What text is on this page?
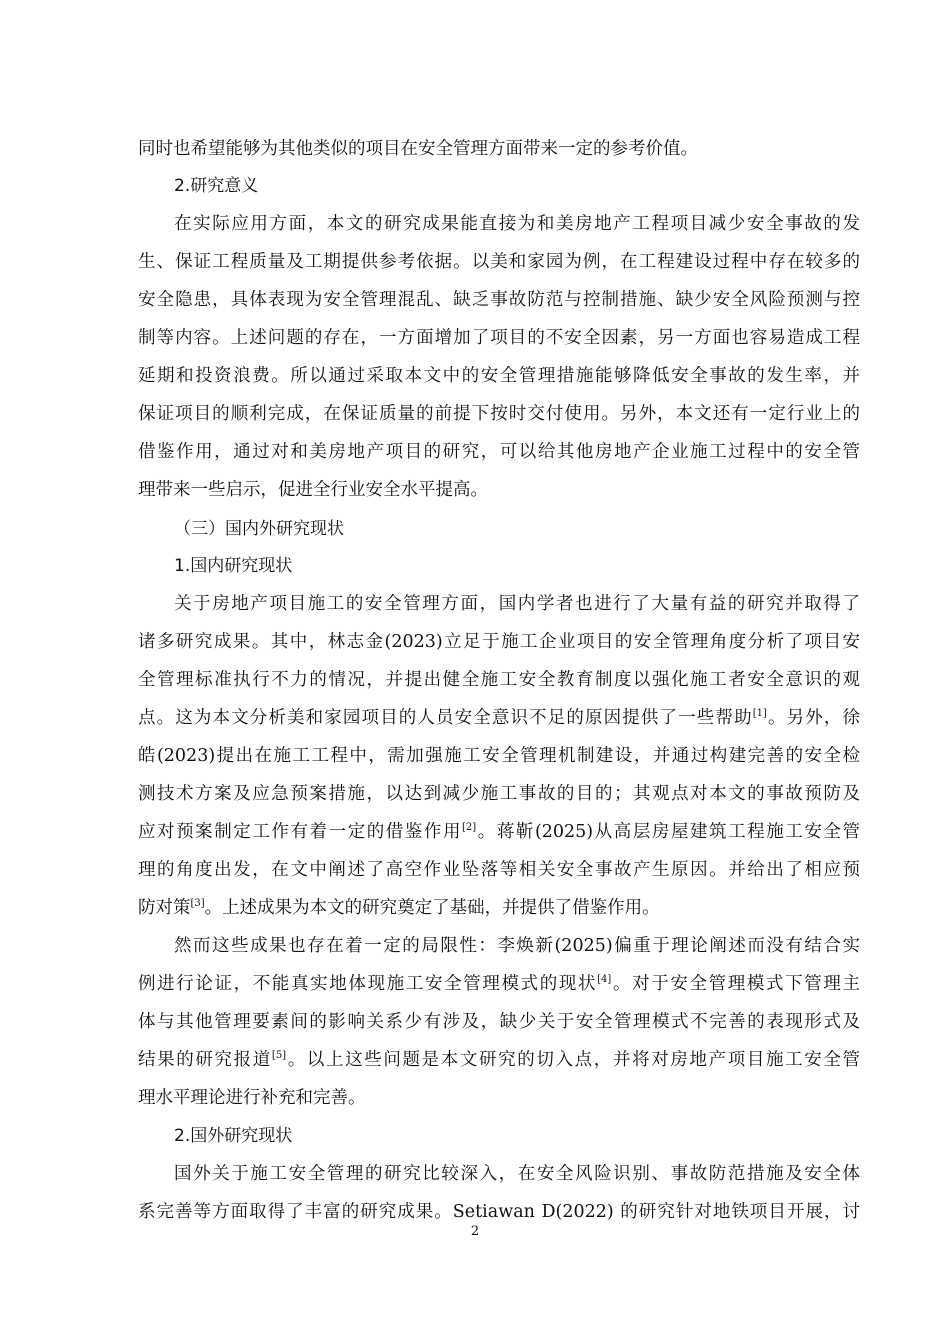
同时也希望能够为其他类似的项目在安全管理方面带来一定的参考价值。
2.研究意义
在实际应用方面，本文的研究成果能直接为和美房地产工程项目减少安全事故的发
生、保证工程质量及工期提供参考依据。以美和家园为例，在工程建设过程中存在较多的
安全隐患，具体表现为安全管理混乱、缺乏事故防范与控制措施、缺少安全风险预测与控
制等内容。上述问题的存在，一方面增加了项目的不安全因素，另一方面也容易造成工程
延期和投资浪费。所以通过采取本文中的安全管理措施能够降低安全事故的发生率，并
保证项目的顺利完成，在保证质量的前提下按时交付使用。另外，本文还有一定行业上的
借鉴作用，通过对和美房地产项目的研究，可以给其他房地产企业施工过程中的安全管
理带来一些启示，促进全行业安全水平提高。
（三）国内外研究现状
1.国内研究现状
关于房地产项目施工的安全管理方面，国内学者也进行了大量有益的研究并取得了
诸多研究成果。其中，林志金(2023)立足于施工企业项目的安全管理角度分析了项目安
全管理标准执行不力的情况，并提出健全施工安全教育制度以强化施工者安全意识的观
点。这为本文分析美和家园项目的人员安全意识不足的原因提供了一些帮助[1]。另外，徐
皓(2023)提出在施工工程中，需加强施工安全管理机制建设，并通过构建完善的安全检
测技术方案及应急预案措施，以达到减少施工事故的目的；其观点对本文的事故预防及
应对预案制定工作有着一定的借鉴作用[2]。蒋靳(2025)从高层房屋建筑工程施工安全管
理的角度出发，在文中阐述了高空作业坠落等相关安全事故产生原因。并给出了相应预
防对策[3]。上述成果为本文的研究奠定了基础，并提供了借鉴作用。
然而这些成果也存在着一定的局限性：李焕新(2025)偏重于理论阐述而没有结合实
例进行论证，不能真实地体现施工安全管理模式的现状[4]。对于安全管理模式下管理主
体与其他管理要素间的影响关系少有涉及，缺少关于安全管理模式不完善的表现形式及
结果的研究报道[5]。以上这些问题是本文研究的切入点，并将对房地产项目施工安全管
理水平理论进行补充和完善。
2.国外研究现状
国外关于施工安全管理的研究比较深入，在安全风险识别、事故防范措施及安全体
系完善等方面取得了丰富的研究成果。Setiawan D(2022) 的研究针对地铁项目开展，讨
2
